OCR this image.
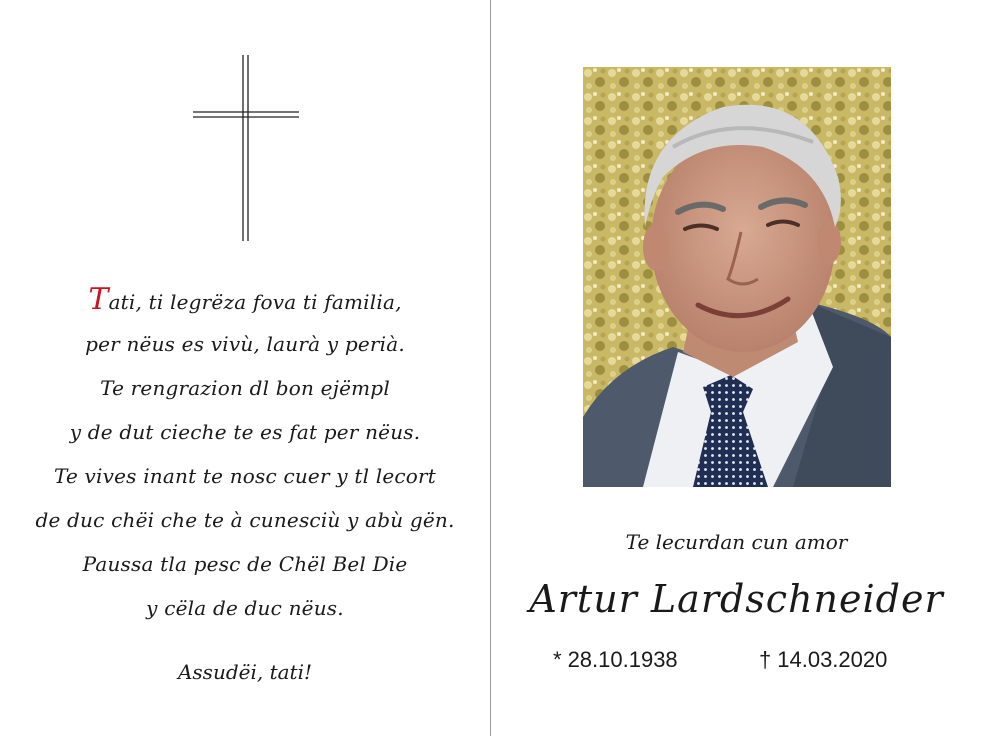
Tati, ti legrëza fova ti familia,
per nëus es vivù, laurà y perià.
Te rengrazion dl bon ejëmpl
y de dut cieche te es fat per nëus.
Te vives inant te nosc cuer y tl lecort
de duc chëi che te à cunesciù y abù gën.
Paussa tla pesc de Chël Bel Die
y cëla de duc nëus.
Assudëi, tati!
Te lecurdan cun amor
Artur Lardschneider
* 28.10.1938	† 14.03.2020
